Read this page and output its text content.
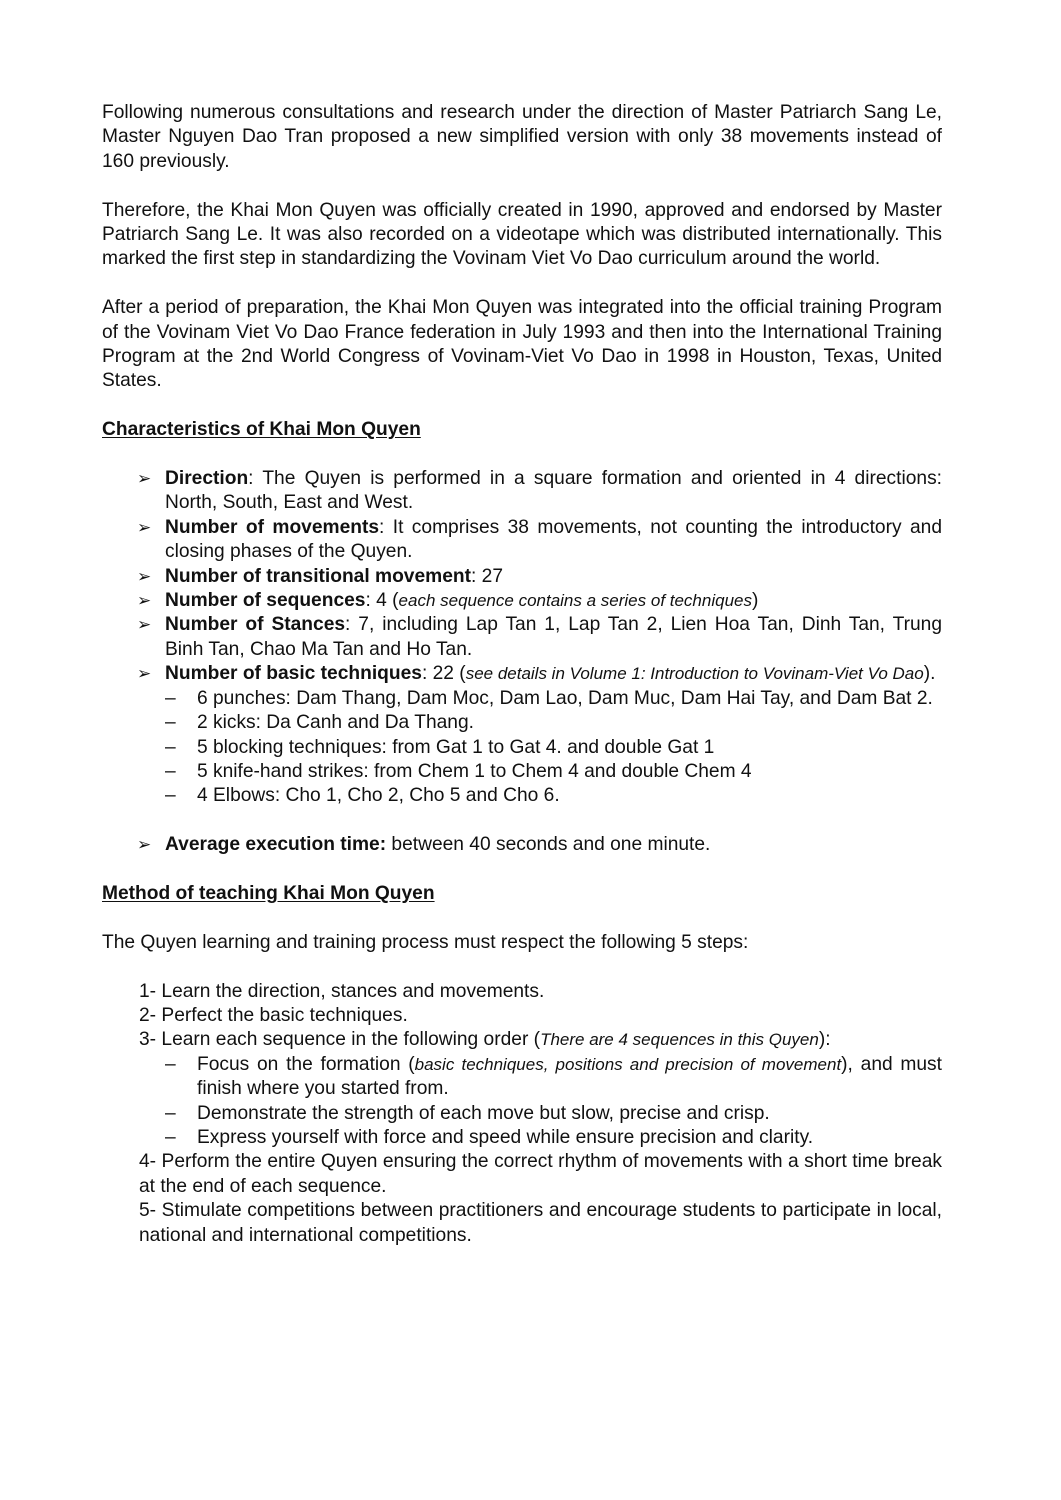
Following numerous consultations and research under the direction of Master Patriarch Sang Le, Master Nguyen Dao Tran proposed a new simplified version with only 38 movements instead of 160 previously.

Therefore, the Khai Mon Quyen was officially created in 1990, approved and endorsed by Master Patriarch Sang Le. It was also recorded on a videotape which was distributed internationally. This marked the first step in standardizing the Vovinam Viet Vo Dao curriculum around the world.

After a period of preparation, the Khai Mon Quyen was integrated into the official training Program of the Vovinam Viet Vo Dao France federation in July 1993 and then into the International Training Program at the 2nd World Congress of Vovinam-Viet Vo Dao in 1998 in Houston, Texas, United States.

Characteristics of Khai Mon Quyen

➢ Direction: The Quyen is performed in a square formation and oriented in 4 directions: North, South, East and West.
➢ Number of movements: It comprises 38 movements, not counting the introductory and closing phases of the Quyen.
➢ Number of transitional movement: 27
➢ Number of sequences: 4 (each sequence contains a series of techniques)
➢ Number of Stances: 7, including Lap Tan 1, Lap Tan 2, Lien Hoa Tan, Dinh Tan, Trung Binh Tan, Chao Ma Tan and Ho Tan.
➢ Number of basic techniques: 22 (see details in Volume 1: Introduction to Vovinam-Viet Vo Dao).
– 6 punches: Dam Thang, Dam Moc, Dam Lao, Dam Muc, Dam Hai Tay, and Dam Bat 2.
– 2 kicks: Da Canh and Da Thang.
– 5 blocking techniques: from Gat 1 to Gat 4. and double Gat 1
– 5 knife-hand strikes: from Chem 1 to Chem 4 and double Chem 4
– 4 Elbows: Cho 1, Cho 2, Cho 5 and Cho 6.
➢ Average execution time: between 40 seconds and one minute.

Method of teaching Khai Mon Quyen

The Quyen learning and training process must respect the following 5 steps:

1- Learn the direction, stances and movements.
2- Perfect the basic techniques.
3- Learn each sequence in the following order (There are 4 sequences in this Quyen):
– Focus on the formation (basic techniques, positions and precision of movement), and must finish where you started from.
– Demonstrate the strength of each move but slow, precise and crisp.
– Express yourself with force and speed while ensure precision and clarity.
4- Perform the entire Quyen ensuring the correct rhythm of movements with a short time break at the end of each sequence.
5- Stimulate competitions between practitioners and encourage students to participate in local, national and international competitions.
